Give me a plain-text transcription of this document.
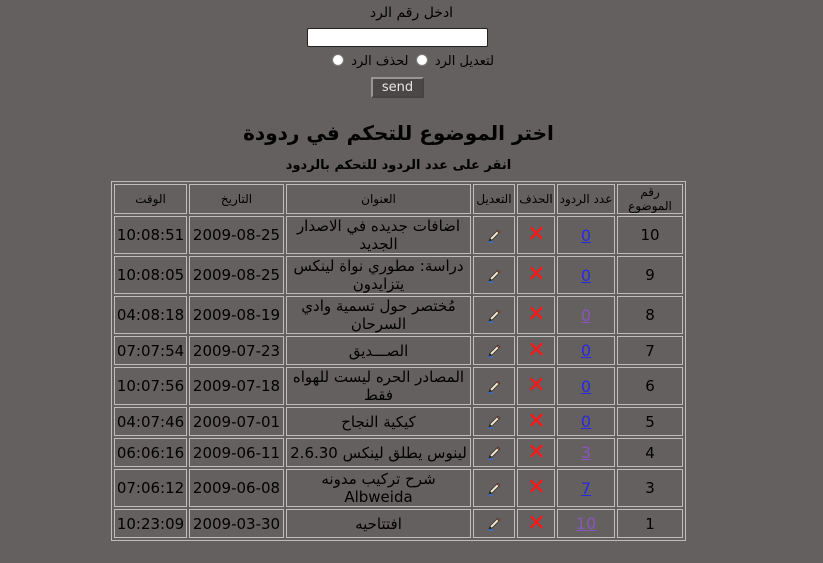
ادخل رقم الرد
لتعديل الرد  لحذف الرد
send
اختر الموضوع للتحكم في ردودة
انقر على عدد الردود للتحكم بالردود
رقم الموضوع	عدد الردود	الحذف	التعديل	العنوان	التاريخ	الوقت
10	0			اضافات جديده في الاصدار الجديد	2009-08-25	10:08:51
9	0			دراسة: مطوري نواة لينكس يتزايدون	2009-08-25	10:08:05
8	0			مُختصر حول تسمية وادي السرحان	2009-08-19	04:08:18
7	0			الصـــديق	2009-07-23	07:07:54
6	0			المصادر الحره ليست للهواه فقط	2009-07-18	10:07:56
5	0			كيكية النجاح	2009-07-01	04:07:46
4	3			لينوس يطلق لينكس 2.6.30	2009-06-11	06:06:16
3	7			شرح تركيب مدونه Albweida	2009-06-08	07:06:12
1	10			افتتاحيه	2009-03-30	10:23:09
